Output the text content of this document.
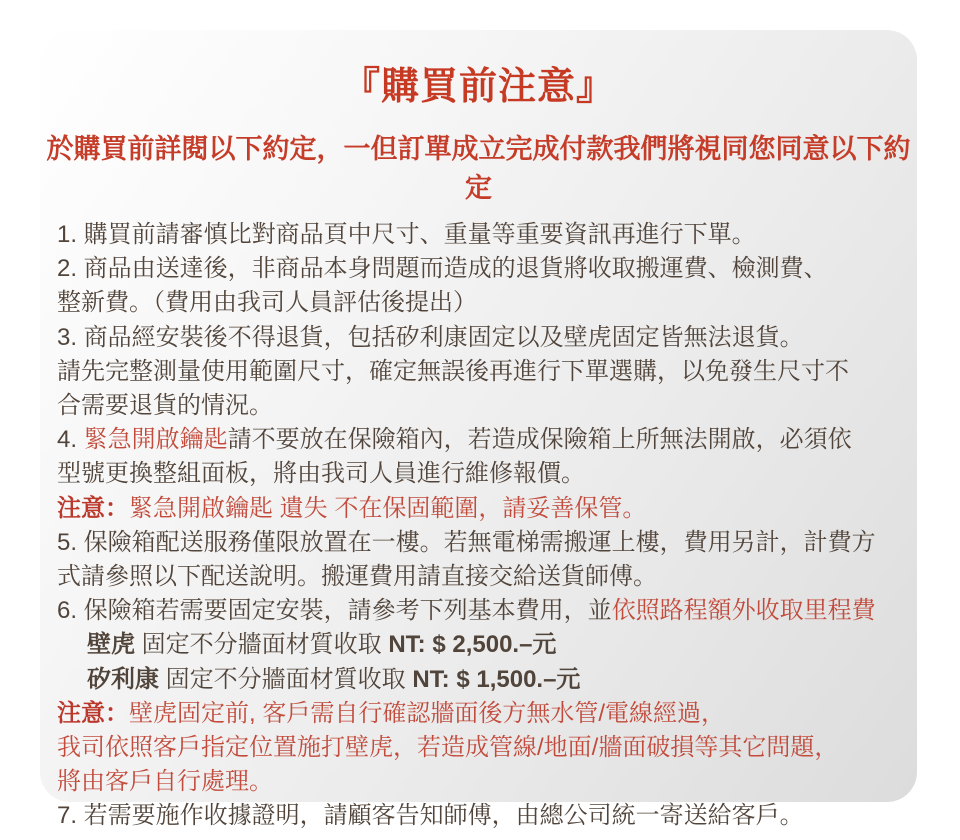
『購買前注意』
於購買前詳閱以下約定，一但訂單成立完成付款我們將視同您同意以下約定
1. 購買前請審慎比對商品頁中尺寸、重量等重要資訊再進行下單。
2. 商品由送達後，非商品本身問題而造成的退貨將收取搬運費、檢測費、
整新費。（費用由我司人員評估後提出）
3. 商品經安裝後不得退貨，包括矽利康固定以及壁虎固定皆無法退貨。
請先完整測量使用範圍尺寸，確定無誤後再進行下單選購，以免發生尺寸不
合需要退貨的情況。
4. 緊急開啟鑰匙請不要放在保險箱內，若造成保險箱上所無法開啟，必須依
型號更換整組面板，將由我司人員進行維修報價。
注意：緊急開啟鑰匙 遺失 不在保固範圍，請妥善保管。
5. 保險箱配送服務僅限放置在一樓。若無電梯需搬運上樓，費用另計，計費方
式請參照以下配送說明。搬運費用請直接交給送貨師傅。
6. 保險箱若需要固定安裝，請參考下列基本費用，並依照路程額外收取里程費
壁虎 固定不分牆面材質收取 NT: $ 2,500.–元
矽利康 固定不分牆面材質收取 NT: $ 1,500.–元
注意：壁虎固定前, 客戶需自行確認牆面後方無水管/電線經過，
我司依照客戶指定位置施打壁虎，若造成管線/地面/牆面破損等其它問題，
將由客戶自行處理。
7. 若需要施作收據證明，請顧客告知師傅，由總公司統一寄送給客戶。
